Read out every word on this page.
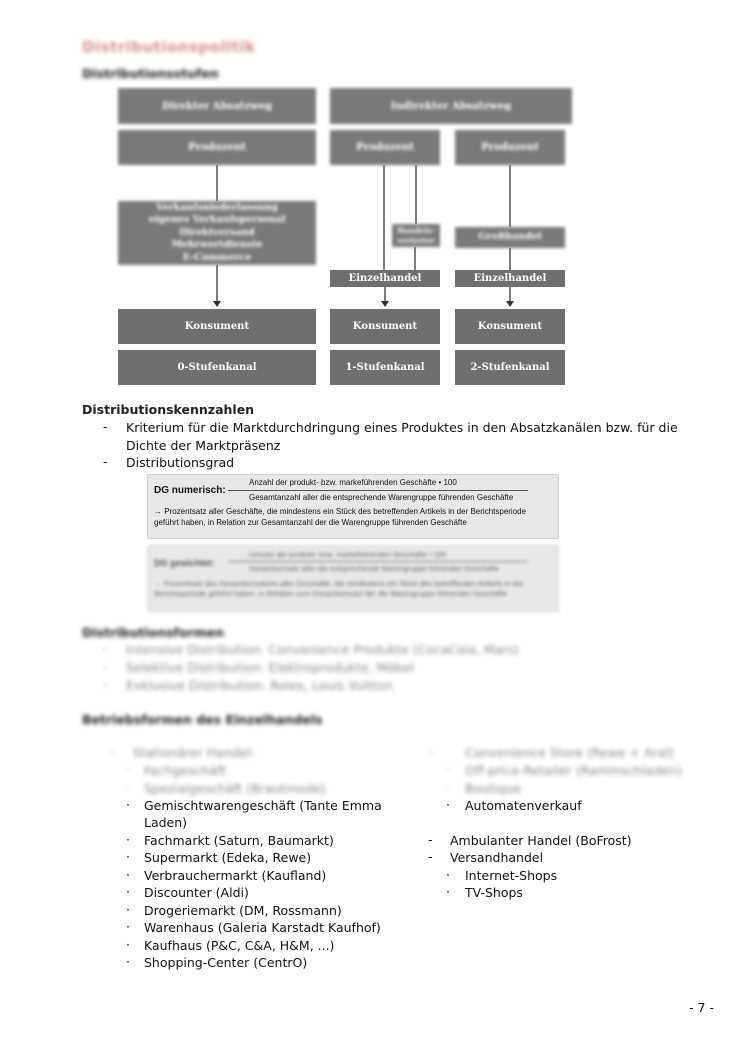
Distributionspolitik
Distributionsstufen
Direkter Absatzweg	Indirekter Absatzweg
Produzent	Produzent	Produzent
Verkaufsniederlassung
eigenes Verkaufspersonal
Direktversand
Mehrwertdienste
E-Commerce
Handels-vertreter	Großhandel
Einzelhandel	Einzelhandel
Konsument	Konsument	Konsument
0-Stufenkanal	1-Stufenkanal	2-Stufenkanal
Distributionskennzahlen
- Kriterium für die Marktdurchdringung eines Produktes in den Absatzkanälen bzw. für die Dichte der Marktpräsenz
- Distributionsgrad
DG numerisch:
Anzahl der produkt- bzw. markeführenden Geschäfte • 100
Gesamtanzahl aller die entsprechende Warengruppe führenden Geschäfte
→ Prozentsatz aller Geschäfte, die mindestens ein Stück des betreffenden Artikels in der Berichtsperiode geführt haben, in Relation zur Gesamtanzahl der die Warengruppe führenden Geschäfte
DG gewichtet:
Umsatz der produkt- bzw. markeführenden Geschäfte • 100
Gesamtumsatz aller die entsprechende Warengruppe führenden Geschäfte
→ Prozentsatz des Gesamtumsatzes aller Geschäfte, die mindestens ein Stück des betreffenden Artikels in der Berichtsperiode geführt haben, in Relation zum Gesamtumsatz der die Warengruppe führenden Geschäfte
Distributionsformen
- Intensive Distribution: Convenience Produkte (CocaCola, Mars)
- Selektive Distribution: Elektroprodukte, Möbel
- Exklusive Distribution: Rolex, Louis Vuitton
Betriebsformen des Einzelhandels
- Stationärer Handel:
· Fachgeschäft
· Spezialgeschäft (Brautmode)
-	Convenience Store (Rewe + Aral)
· Off-price-Retailer (Rammschladen)
· Boutique
· Gemischtwarengeschäft (Tante Emma
Laden)
· Fachmarkt (Saturn, Baumarkt)
· Supermarkt (Edeka, Rewe)
· Verbrauchermarkt (Kaufland)
· Discounter (Aldi)
· Drogeriemarkt (DM, Rossmann)
· Warenhaus (Galeria Karstadt Kaufhof)
· Kaufhaus (P&C, C&A, H&M, ...)
· Shopping-Center (CentrO)
· Automatenverkauf
- Ambulanter Handel (BoFrost)
- Versandhandel
· Internet-Shops
· TV-Shops
- 7 -
